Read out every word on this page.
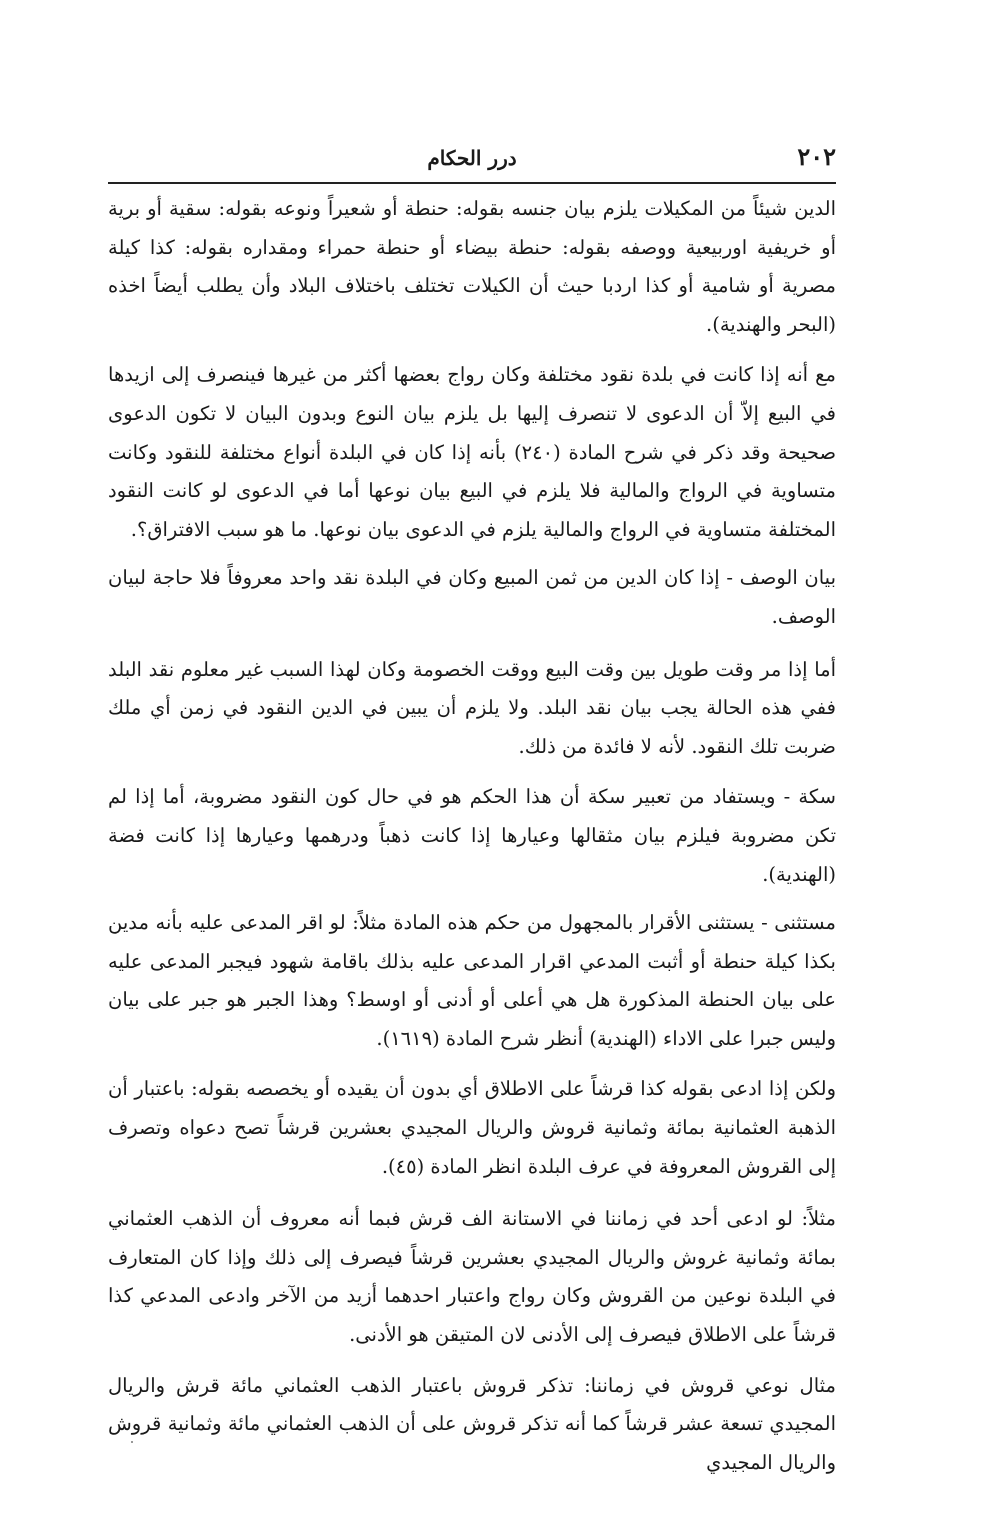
٢٠٢
درر الحكام

الدين شيئاً من المكيلات يلزم بيان جنسه بقوله: حنطة أو شعيراً ونوعه بقوله: سقية أو برية أو خريفية اوربيعية ووصفه بقوله: حنطة بيضاء أو حنطة حمراء ومقداره بقوله: كذا كيلة مصرية أو شامية أو كذا اردبا حيث أن الكيلات تختلف باختلاف البلاد وأن يطلب أيضاً اخذه (البحر والهندية).

مع أنه إذا كانت في بلدة نقود مختلفة وكان رواج بعضها أكثر من غيرها فينصرف إلى ازيدها في البيع إلاّ أن الدعوى لا تنصرف إليها بل يلزم بيان النوع وبدون البيان لا تكون الدعوى صحيحة وقد ذكر في شرح المادة (٢٤٠) بأنه إذا كان في البلدة أنواع مختلفة للنقود وكانت متساوية في الرواج والمالية فلا يلزم في البيع بيان نوعها أما في الدعوى لو كانت النقود المختلفة متساوية في الرواج والمالية يلزم في الدعوى بيان نوعها. ما هو سبب الافتراق؟.

بيان الوصف - إذا كان الدين من ثمن المبيع وكان في البلدة نقد واحد معروفاً فلا حاجة لبيان الوصف.

أما إذا مر وقت طويل بين وقت البيع ووقت الخصومة وكان لهذا السبب غير معلوم نقد البلد ففي هذه الحالة يجب بيان نقد البلد. ولا يلزم أن يبين في الدين النقود في زمن أي ملك ضربت تلك النقود. لأنه لا فائدة من ذلك.

سكة - ويستفاد من تعبير سكة أن هذا الحكم هو في حال كون النقود مضروبة، أما إذا لم تكن مضروبة فيلزم بيان مثقالها وعيارها إذا كانت ذهباً ودرهمها وعيارها إذا كانت فضة (الهندية).

مستثنى - يستثنى الأقرار بالمجهول من حكم هذه المادة مثلاً: لو اقر المدعى عليه بأنه مدين بكذا كيلة حنطة أو أثبت المدعي اقرار المدعى عليه بذلك باقامة شهود فيجبر المدعى عليه على بيان الحنطة المذكورة هل هي أعلى أو أدنى أو اوسط؟ وهذا الجبر هو جبر على بيان وليس جبرا على الاداء (الهندية) أنظر شرح المادة (١٦١٩).

ولكن إذا ادعى بقوله كذا قرشاً على الاطلاق أي بدون أن يقيده أو يخصصه بقوله: باعتبار أن الذهبة العثمانية بمائة وثمانية قروش والريال المجيدي بعشرين قرشاً تصح دعواه وتصرف إلى القروش المعروفة في عرف البلدة انظر المادة (٤٥).

مثلاً: لو ادعى أحد في زماننا في الاستانة الف قرش فبما أنه معروف أن الذهب العثماني بمائة وثمانية غروش والريال المجيدي بعشرين قرشاً فيصرف إلى ذلك وإذا كان المتعارف في البلدة نوعين من القروش وكان رواج واعتبار احدهما أزيد من الآخر وادعى المدعي كذا قرشاً على الاطلاق فيصرف إلى الأدنى لان المتيقن هو الأدنى.

مثال نوعي قروش في زماننا: تذكر قروش باعتبار الذهب العثماني مائة قرش والريال المجيدي تسعة عشر قرشاً كما أنه تذكر قروش على أن الذهب العثماني مائة وثمانية قروش والريال المجيدي
